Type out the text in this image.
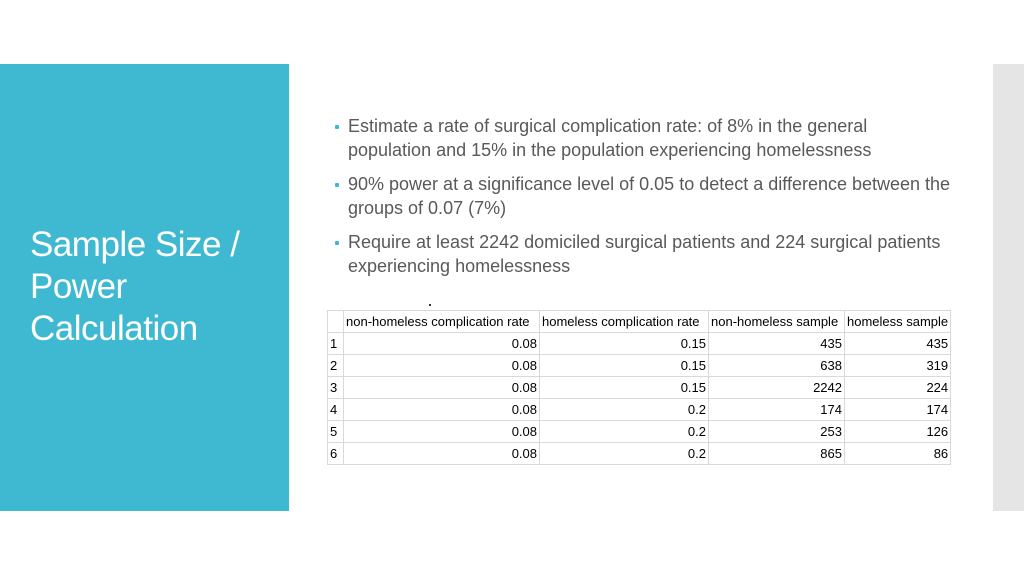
Sample Size / Power Calculation
Estimate a rate of surgical complication rate: of 8% in the general population and 15% in the population experiencing homelessness
90% power at a significance level of 0.05 to detect a difference between the groups of 0.07 (7%)
Require at least 2242 domiciled surgical patients and 224 surgical patients experiencing homelessness
	non-homeless complication rate	homeless complication rate	non-homeless sample	homeless sample
1	0.08	0.15	435	435
2	0.08	0.15	638	319
3	0.08	0.15	2242	224
4	0.08	0.2	174	174
5	0.08	0.2	253	126
6	0.08	0.2	865	86
